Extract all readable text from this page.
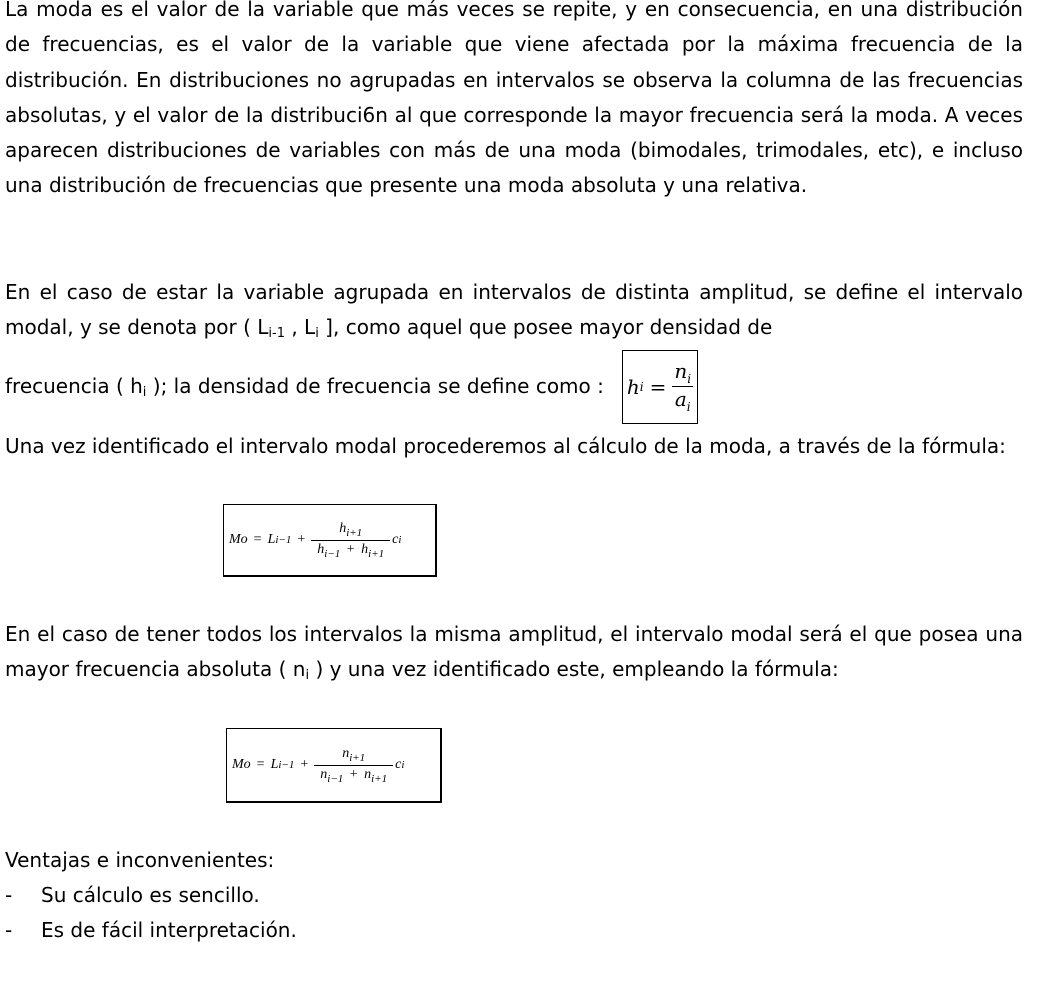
La moda es el valor de la variable que más veces se repite, y en consecuencia, en una distribución de frecuencias, es el valor de la variable que viene afectada por la máxima frecuencia de la distribución. En distribuciones no agrupadas en intervalos se observa la columna de las frecuencias absolutas, y el valor de la distribuci6n al que corresponde la mayor frecuencia será la moda. A veces aparecen distribuciones de variables con más de una moda (bimodales, trimodales, etc), e incluso una distribución de frecuencias que presente una moda absoluta y una relativa.

En el caso de estar la variable agrupada en intervalos de distinta amplitud, se define el intervalo modal, y se denota por ( $L_{i-1}$ , $L_i$ ], como aquel que posee mayor densidad de

frecuencia ( $h_i$ ); la densidad de frecuencia se define como : h $i = \frac{n_i}{a_i}$

Una vez identificado el intervalo modal procederemos al cálculo de la moda, a través de la fórmula:

Mo = L $i-1 + \frac{h_{i+1}}{h_{i-1} + h_{i+1}}$ c i

En el caso de tener todos los intervalos la misma amplitud, el intervalo modal será el que posea una mayor frecuencia absoluta ( $n_i$ ) y una vez identificado este, empleando la fórmula:

Mo = L $i-1 + \frac{n_{i+1}}{n_{i-1} + n_{i+1}}$ c i

Ventajas e inconvenientes:

- Su cálculo es sencillo.
- Es de fácil interpretación.
